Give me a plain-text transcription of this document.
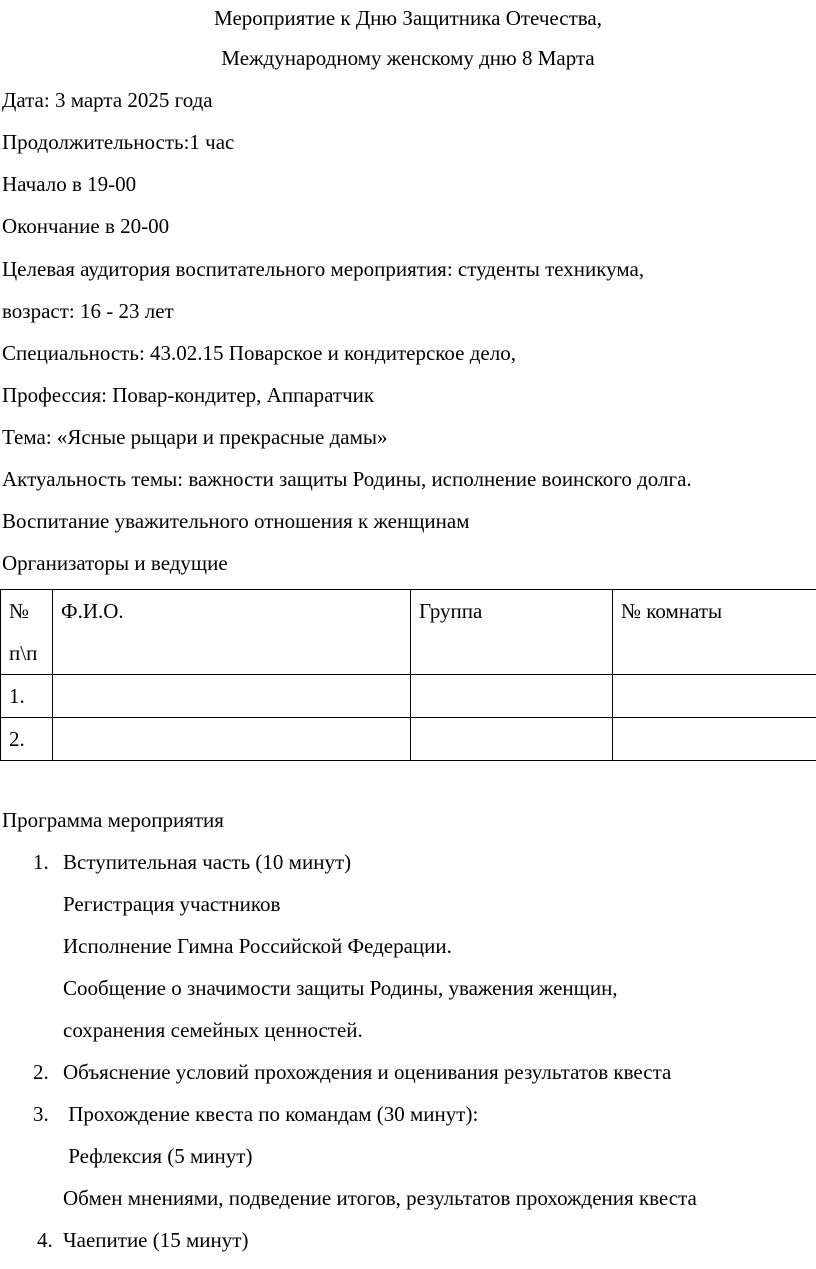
Мероприятие к Дню Защитника Отечества,
Международному женскому дню 8 Марта
Дата: 3 марта 2025 года
Продолжительность:1 час
Начало в 19-00
Окончание в 20-00
Целевая аудитория воспитательного мероприятия: студенты техникума,
возраст: 16 - 23 лет
Специальность: 43.02.15 Поварское и кондитерское дело,
Профессия: Повар-кондитер, Аппаратчик
Тема: «Ясные рыцари и прекрасные дамы»
Актуальность темы: важности защиты Родины, исполнение воинского долга.
Воспитание уважительного отношения к женщинам
Организаторы и ведущие
№
п\п	Ф.И.О.	Группа	№ комнаты
1.			
2.			
Программа мероприятия
1. Вступительная часть (10 минут)
Регистрация участников
Исполнение Гимна Российской Федерации.
Сообщение о значимости защиты Родины, уважения женщин,
сохранения семейных ценностей.
2. Объяснение условий прохождения и оценивания результатов квеста
3. Прохождение квеста по командам (30 минут):
Рефлексия (5 минут)
Обмен мнениями, подведение итогов, результатов прохождения квеста
4. Чаепитие (15 минут)
